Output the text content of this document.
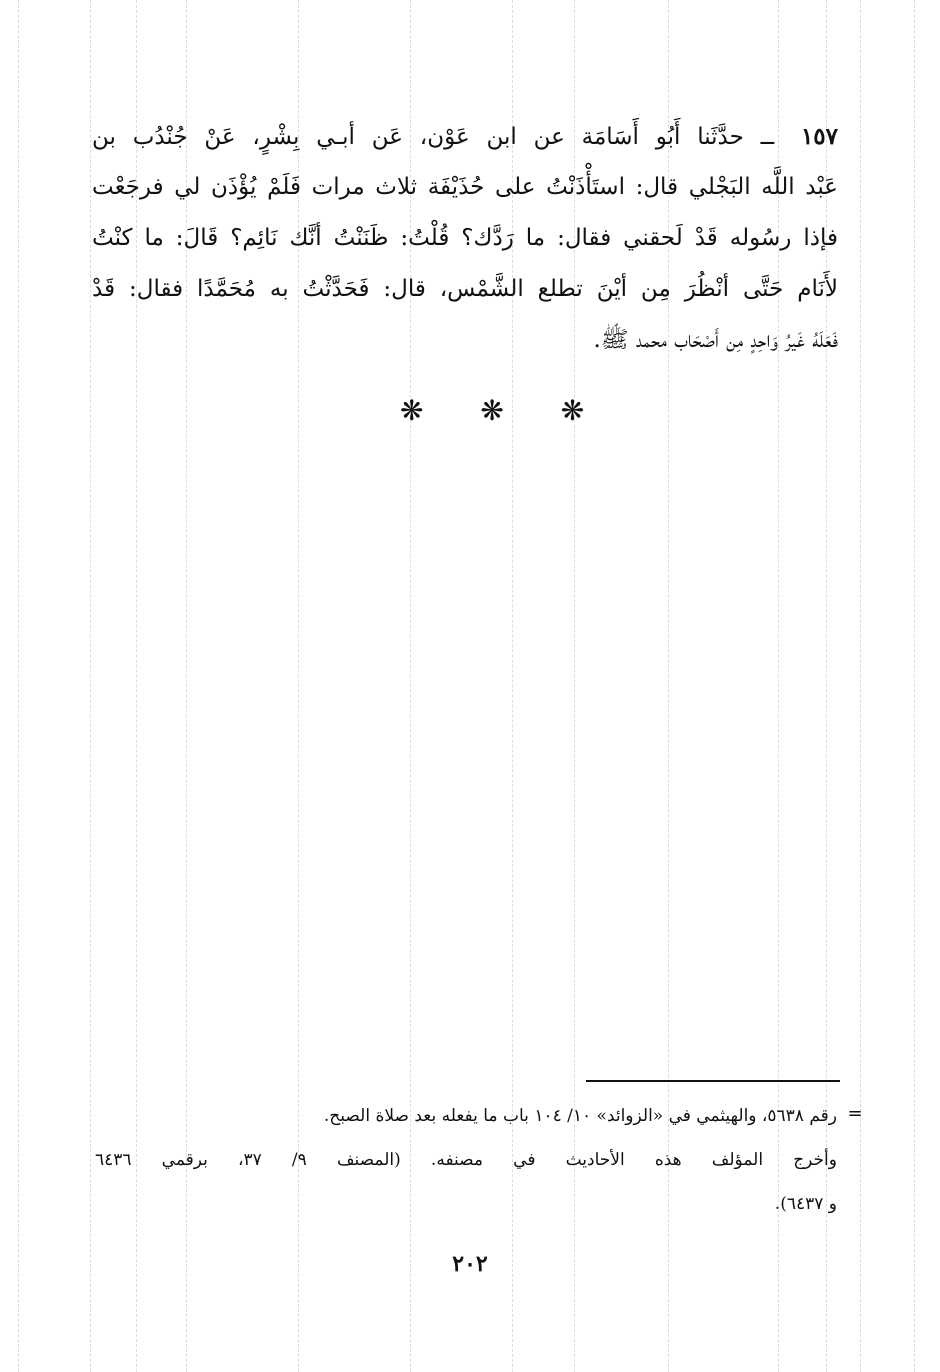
١٥٧ ــ حدَّثَنا أَبُو أَسَامَة عن ابن عَوْن، عَن أبـي بِشْرٍ، عَنْ جُنْدُب بن
عَبْد اللَّه البَجْلي قال: استَأْذَنْتُ على حُذَيْفَة ثلاث مرات فَلَمْ يُؤْذَن لي فرجَعْت
فإذا رسُوله قَدْ لَحقني فقال: ما رَدَّك؟ قُلْتُ: ظَنَنْتُ أنَّك نَائِم؟ قَالَ: ما كنْتُ
لأَنَام حَتَّى أنْظُرَ مِن أيْنَ تطلع الشَّمْس، قال: فَحَدَّثْتُ به مُحَمَّدًا فقال: قَدْ
فَعَلَهُ غَيرُ وَاحِدٍ مِن أَصْحَاب محمد ﷺ.
❋ ❋ ❋
=
رقم ٥٦٣٨، والهيثمي في «الزوائد» ١٠/ ١٠٤ باب ما يفعله بعد صلاة الصبح.
وأخرج المؤلف هذه الأحاديث في مصنفه. (المصنف ٩/ ٣٧، برقمي ٦٤٣٦
و ٦٤٣٧).
٢٠٢
